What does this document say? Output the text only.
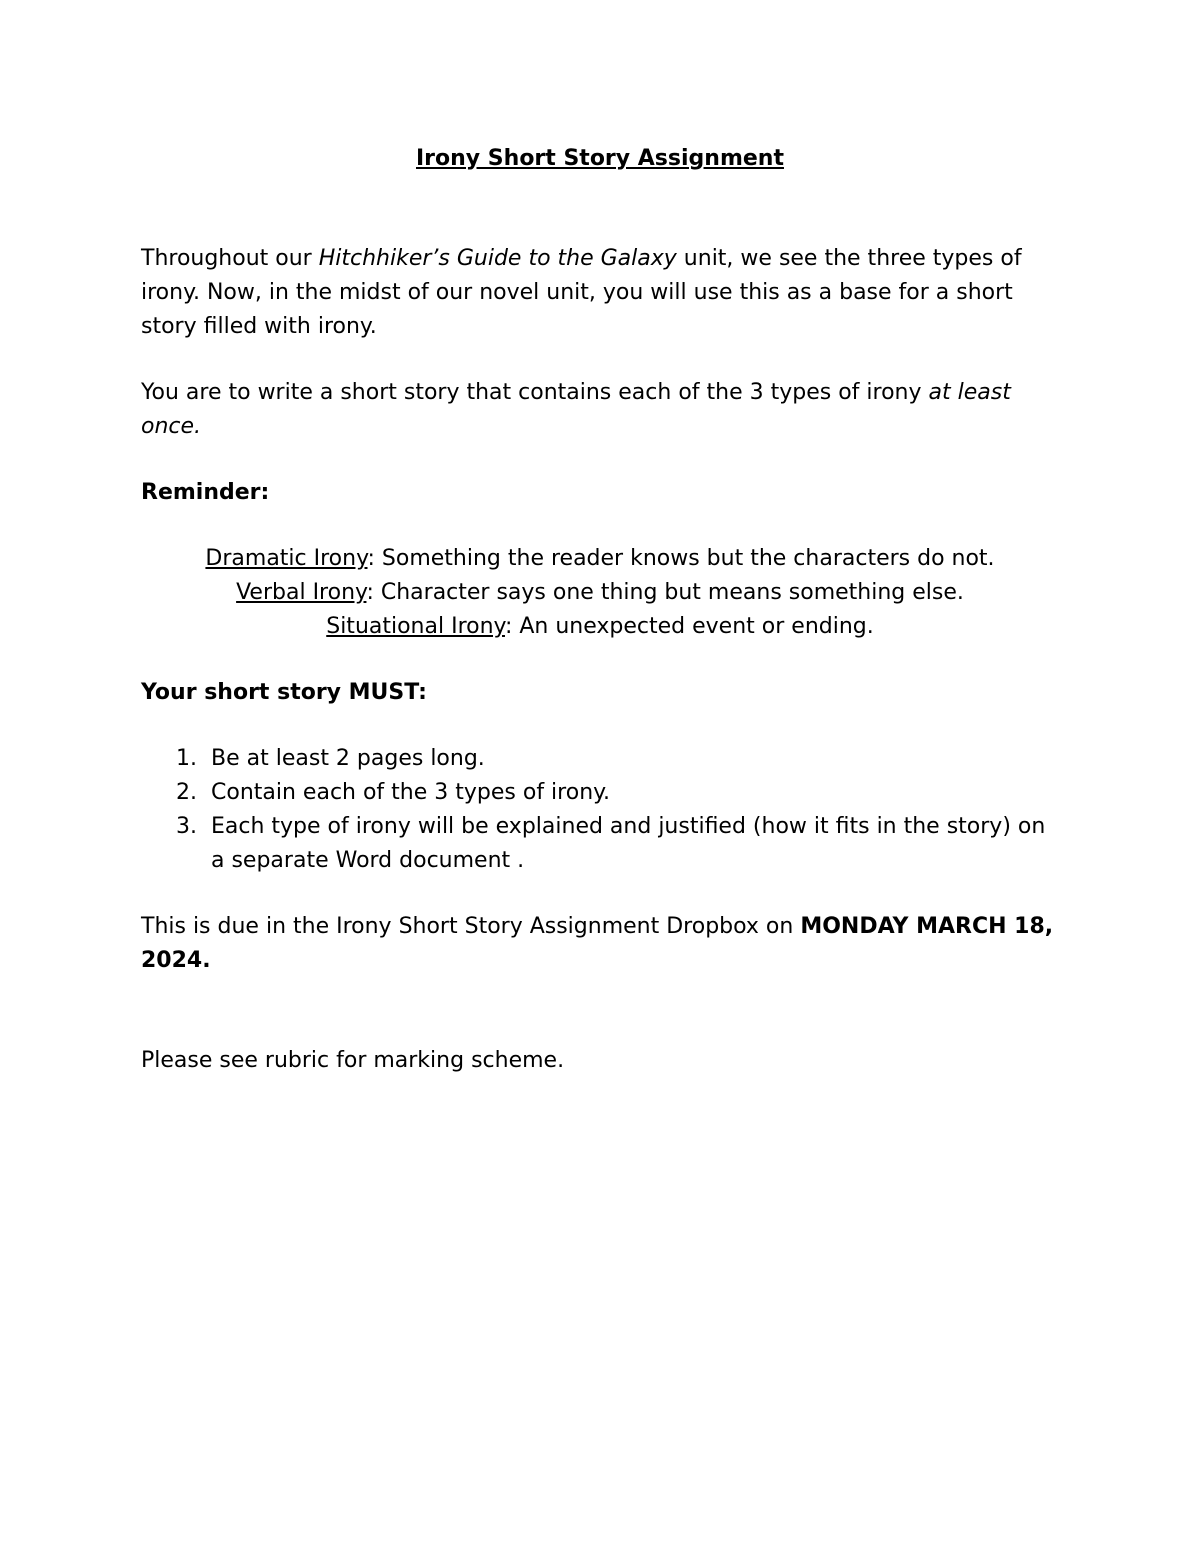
Irony Short Story Assignment

Throughout our Hitchhiker’s Guide to the Galaxy unit, we see the three types of irony. Now, in the midst of our novel unit, you will use this as a base for a short story filled with irony.

You are to write a short story that contains each of the 3 types of irony at least once.

Reminder:

Dramatic Irony: Something the reader knows but the characters do not.
Verbal Irony: Character says one thing but means something else.
Situational Irony: An unexpected event or ending.

Your short story MUST:

1. Be at least 2 pages long.
2. Contain each of the 3 types of irony.
3. Each type of irony will be explained and justified (how it fits in the story) on a separate Word document .

This is due in the Irony Short Story Assignment Dropbox on MONDAY MARCH 18, 2024.

Please see rubric for marking scheme.
